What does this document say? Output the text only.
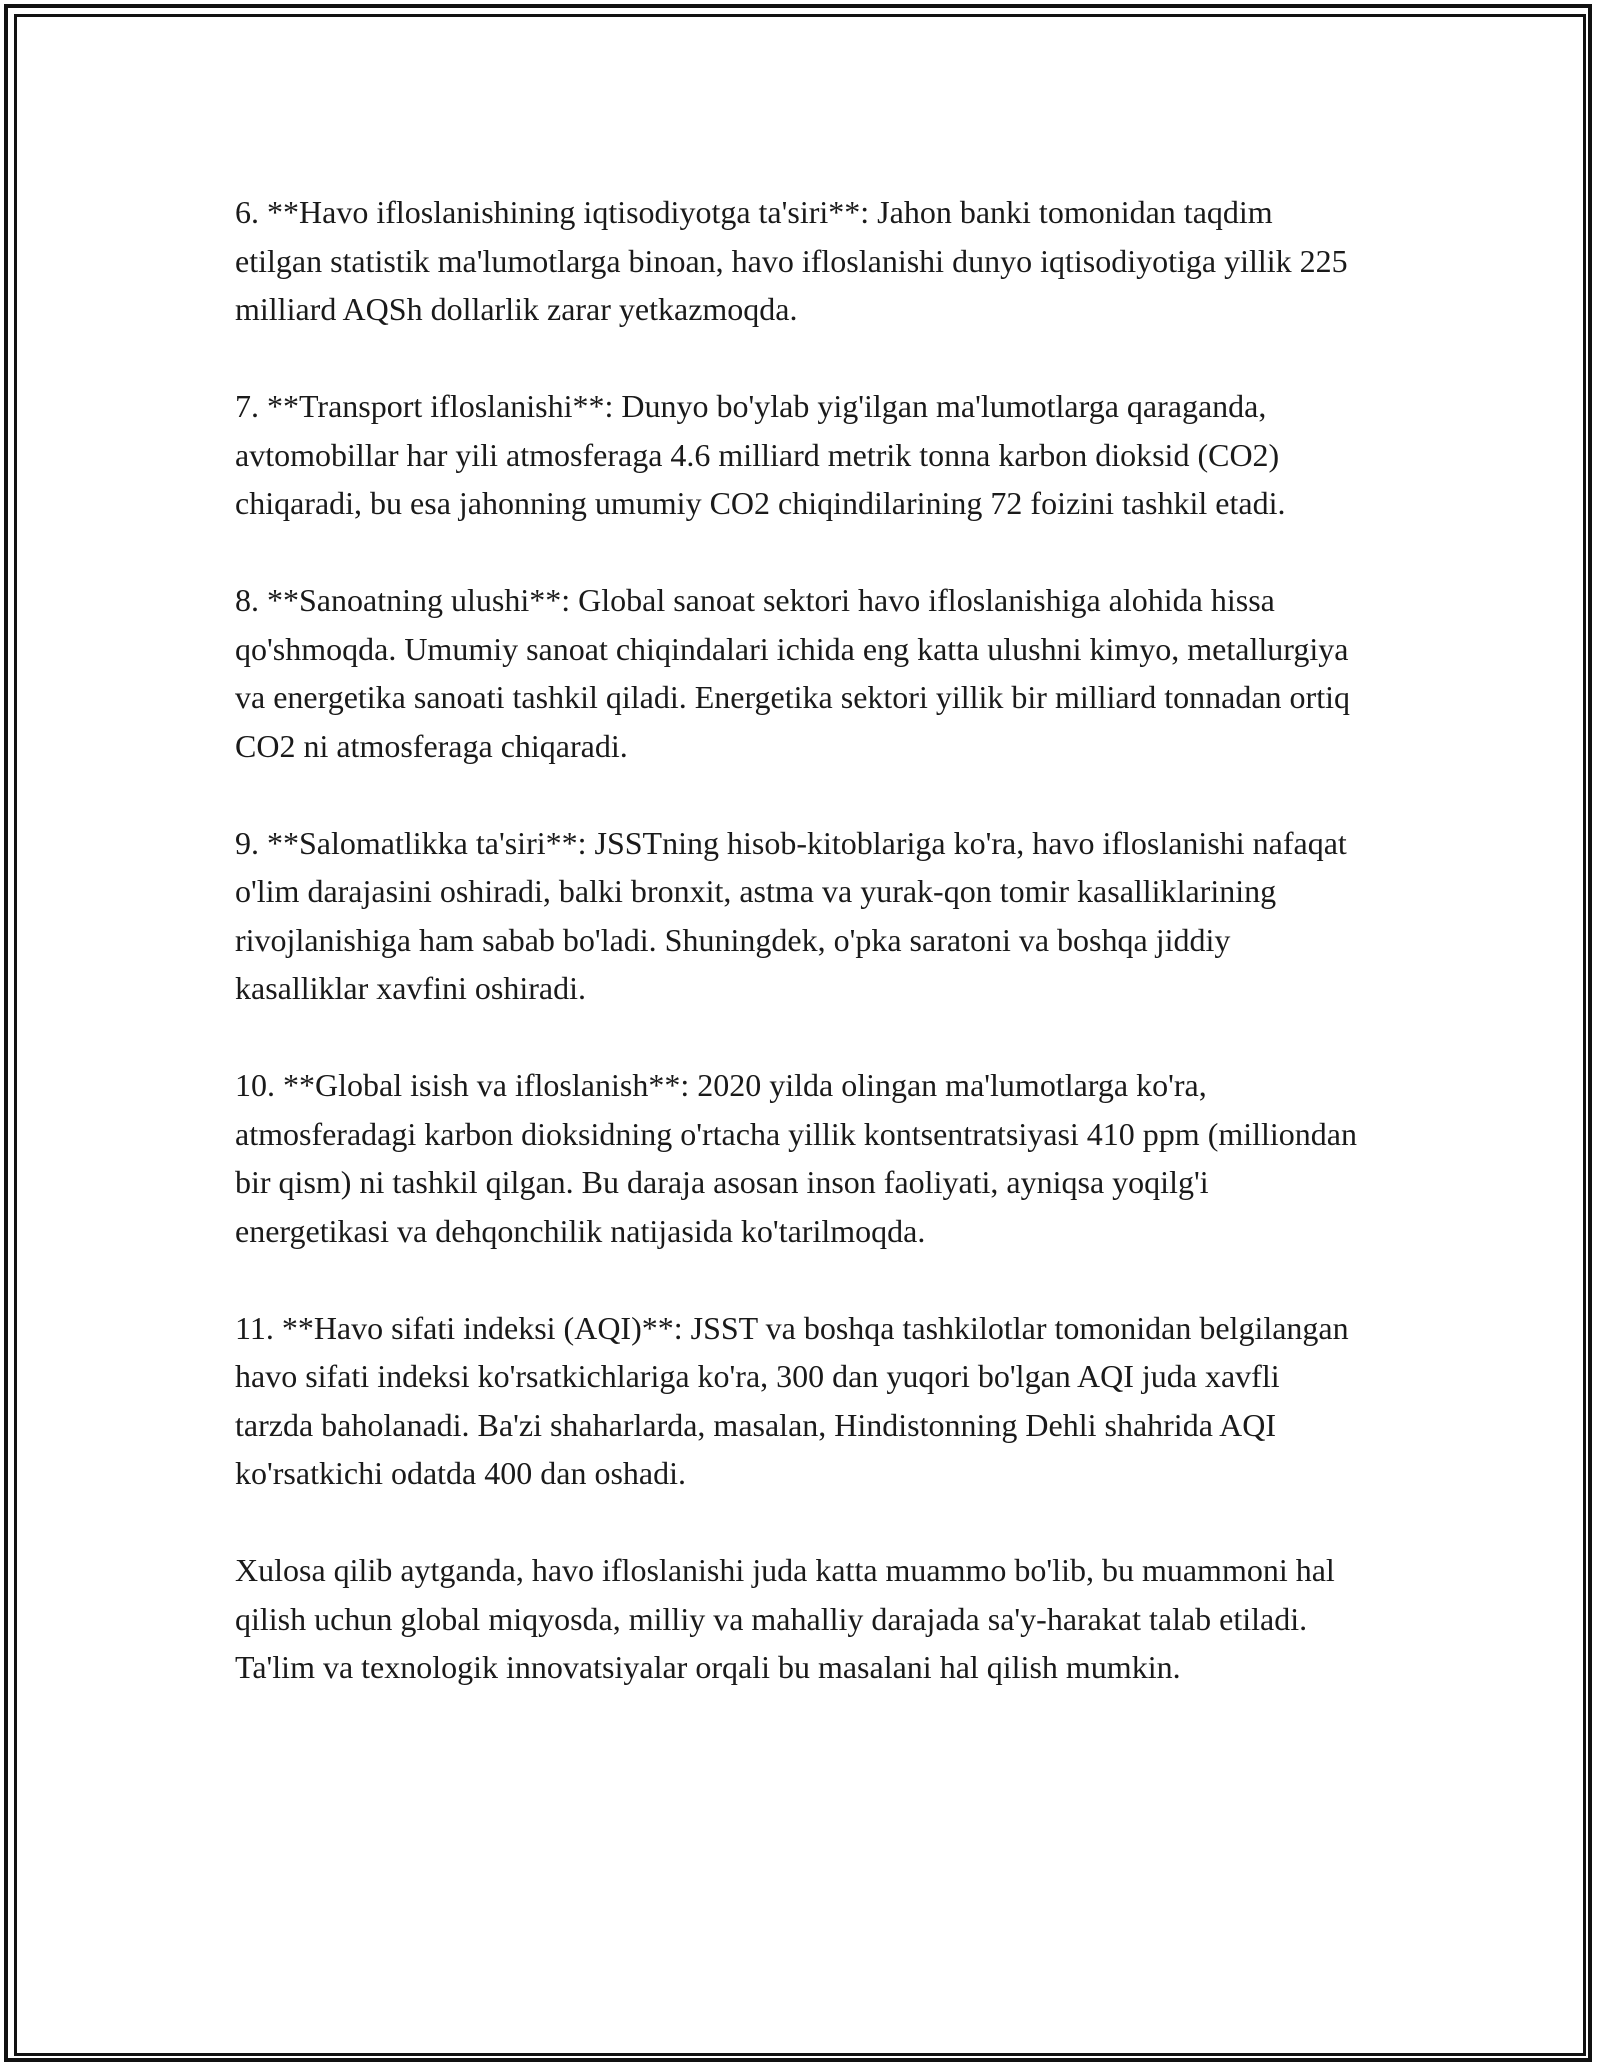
6. **Havo ifloslanishining iqtisodiyotga ta'siri**: Jahon banki tomonidan taqdim etilgan statistik ma'lumotlarga binoan, havo ifloslanishi dunyo iqtisodiyotiga yillik 225 milliard AQSh dollarlik zarar yetkazmoqda.

7. **Transport ifloslanishi**: Dunyo bo'ylab yig'ilgan ma'lumotlarga qaraganda, avtomobillar har yili atmosferaga 4.6 milliard metrik tonna karbon dioksid (CO2) chiqaradi, bu esa jahonning umumiy CO2 chiqindilarining 72 foizini tashkil etadi.

8. **Sanoatning ulushi**: Global sanoat sektori havo ifloslanishiga alohida hissa qo'shmoqda. Umumiy sanoat chiqindalari ichida eng katta ulushni kimyo, metallurgiya va energetika sanoati tashkil qiladi. Energetika sektori yillik bir milliard tonnadan ortiq CO2 ni atmosferaga chiqaradi.

9. **Salomatlikka ta'siri**: JSSTning hisob-kitoblariga ko'ra, havo ifloslanishi nafaqat o'lim darajasini oshiradi, balki bronxit, astma va yurak-qon tomir kasalliklarining rivojlanishiga ham sabab bo'ladi. Shuningdek, o'pka saratoni va boshqa jiddiy kasalliklar xavfini oshiradi.

10. **Global isish va ifloslanish**: 2020 yilda olingan ma'lumotlarga ko'ra, atmosferadagi karbon dioksidning o'rtacha yillik kontsentratsiyasi 410 ppm (milliondan bir qism) ni tashkil qilgan. Bu daraja asosan inson faoliyati, ayniqsa yoqilg'i energetikasi va dehqonchilik natijasida ko'tarilmoqda.

11. **Havo sifati indeksi (AQI)**: JSST va boshqa tashkilotlar tomonidan belgilangan havo sifati indeksi ko'rsatkichlariga ko'ra, 300 dan yuqori bo'lgan AQI juda xavfli tarzda baholanadi. Ba'zi shaharlarda, masalan, Hindistonning Dehli shahrida AQI ko'rsatkichi odatda 400 dan oshadi.

Xulosa qilib aytganda, havo ifloslanishi juda katta muammo bo'lib, bu muammoni hal qilish uchun global miqyosda, milliy va mahalliy darajada sa'y-harakat talab etiladi. Ta'lim va texnologik innovatsiyalar orqali bu masalani hal qilish mumkin.
